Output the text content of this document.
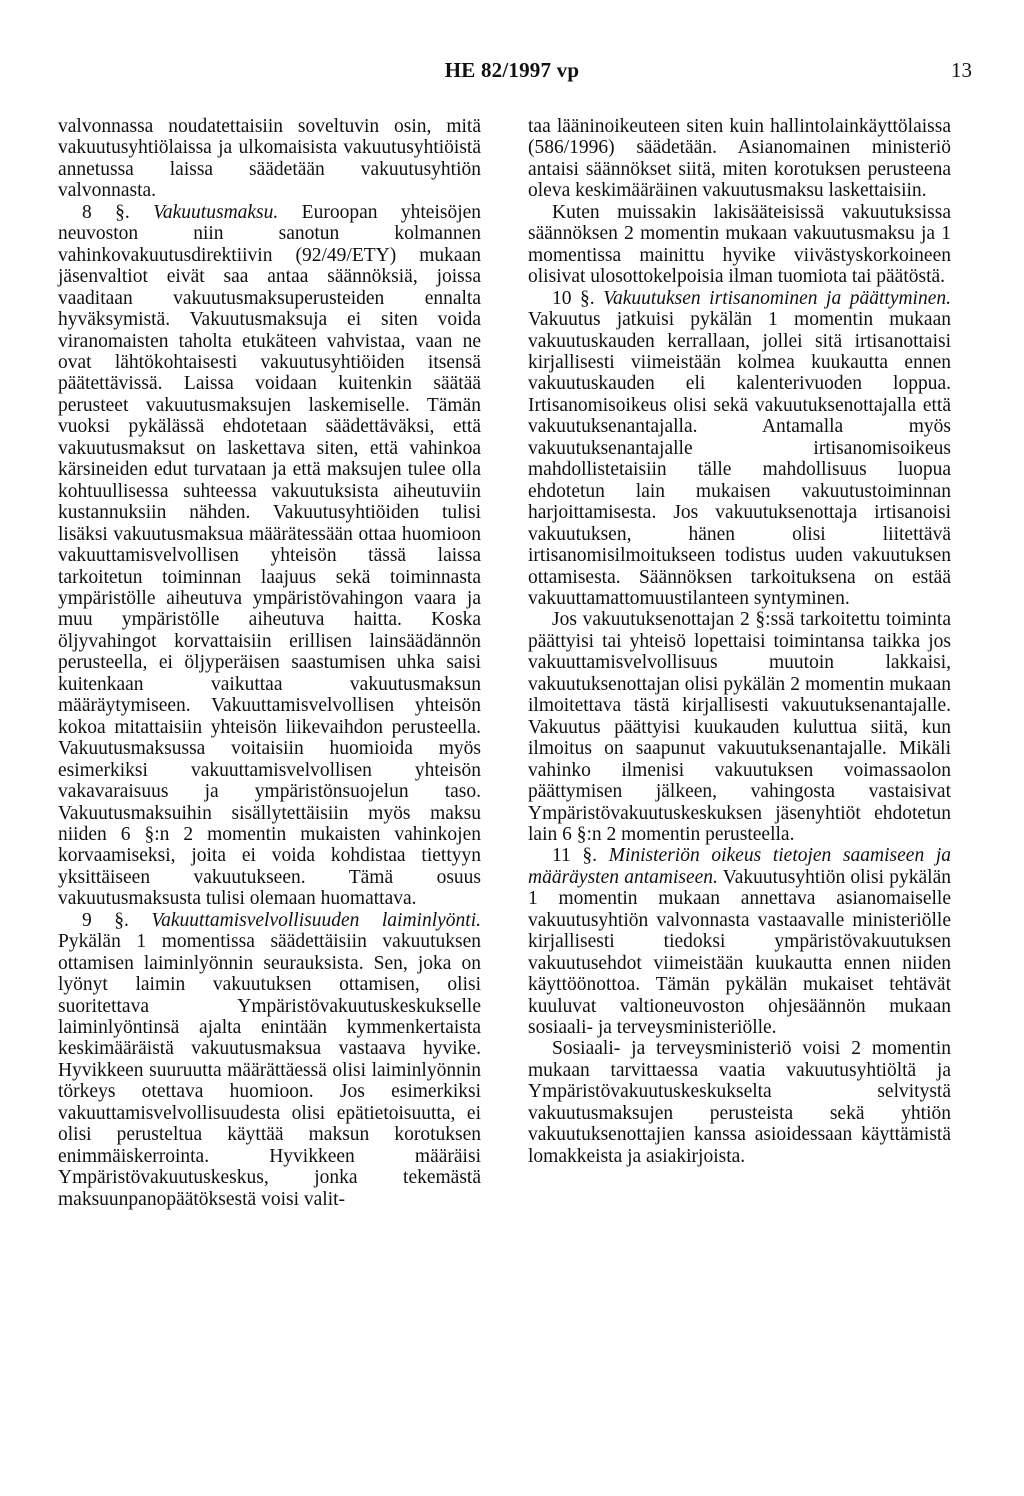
HE 82/1997 vp	13

valvonnassa noudatettaisiin soveltuvin osin, mitä vakuutusyhtiölaissa ja ulkomaisista vakuutusyhtiöistä annetussa laissa säädetään vakuutusyhtiön valvonnasta.

8 §. Vakuutusmaksu. Euroopan yhteisöjen neuvoston niin sanotun kolmannen vahinkovakuutusdirektiivin (92/49/ETY) mukaan jäsenvaltiot eivät saa antaa säännöksiä, joissa vaaditaan vakuutusmaksuperusteiden ennalta hyväksymistä. Vakuutusmaksuja ei siten voida viranomaisten taholta etukäteen vahvistaa, vaan ne ovat lähtökohtaisesti vakuutusyhtiöiden itsensä päätettävissä. Laissa voidaan kuitenkin säätää perusteet vakuutusmaksujen laskemiselle. Tämän vuoksi pykälässä ehdotetaan säädettäväksi, että vakuutusmaksut on laskettava siten, että vahinkoa kärsineiden edut turvataan ja että maksujen tulee olla kohtuullisessa suhteessa vakuutuksista aiheutuviin kustannuksiin nähden. Vakuutusyhtiöiden tulisi lisäksi vakuutusmaksua määrätessään ottaa huomioon vakuuttamisvelvollisen yhteisön tässä laissa tarkoitetun toiminnan laajuus sekä toiminnasta ympäristölle aiheutuva ympäristövahingon vaara ja muu ympäristölle aiheutuva haitta. Koska öljyvahingot korvattaisiin erillisen lainsäädännön perusteella, ei öljyperäisen saastumisen uhka saisi kuitenkaan vaikuttaa vakuutusmaksun määräytymiseen. Vakuuttamisvelvollisen yhteisön kokoa mitattaisiin yhteisön liikevaihdon perusteella. Vakuutusmaksussa voitaisiin huomioida myös esimerkiksi vakuuttamisvelvollisen yhteisön vakavaraisuus ja ympäristönsuojelun taso. Vakuutusmaksuihin sisällytettäisiin myös maksu niiden 6 §:n 2 momentin mukaisten vahinkojen korvaamiseksi, joita ei voida kohdistaa tiettyyn yksittäiseen vakuutukseen. Tämä osuus vakuutusmaksusta tulisi olemaan huomattava.

9 §. Vakuuttamisvelvollisuuden laiminlyönti. Pykälän 1 momentissa säädettäisiin vakuutuksen ottamisen laiminlyönnin seurauksista. Sen, joka on lyönyt laimin vakuutuksen ottamisen, olisi suoritettava Ympäristövakuutuskeskukselle laiminlyöntinsä ajalta enintään kymmenkertaista keskimääräistä vakuutusmaksua vastaava hyvike. Hyvikkeen suuruutta määrättäessä olisi laiminlyönnin törkeys otettava huomioon. Jos esimerkiksi vakuuttamisvelvollisuudesta olisi epätietoisuutta, ei olisi perusteltua käyttää maksun korotuksen enimmäiskerrointa. Hyvikkeen määräisi Ympäristövakuutuskeskus, jonka tekemästä maksuunpanopäätöksestä voisi valit-

taa lääninoikeuteen siten kuin hallintolainkäyttölaissa (586/1996) säädetään. Asianomainen ministeriö antaisi säännökset siitä, miten korotuksen perusteena oleva keskimääräinen vakuutusmaksu laskettaisiin.

Kuten muissakin lakisääteisissä vakuutuksissa säännöksen 2 momentin mukaan vakuutusmaksu ja 1 momentissa mainittu hyvike viivästyskorkoineen olisivat ulosottokelpoisia ilman tuomiota tai päätöstä.

10 §. Vakuutuksen irtisanominen ja päättyminen. Vakuutus jatkuisi pykälän 1 momentin mukaan vakuutuskauden kerrallaan, jollei sitä irtisanottaisi kirjallisesti viimeistään kolmea kuukautta ennen vakuutuskauden eli kalenterivuoden loppua. Irtisanomisoikeus olisi sekä vakuutuksenottajalla että vakuutuksenantajalla. Antamalla myös vakuutuksenantajalle irtisanomisoikeus mahdollistetaisiin tälle mahdollisuus luopua ehdotetun lain mukaisen vakuutustoiminnan harjoittamisesta. Jos vakuutuksenottaja irtisanoisi vakuutuksen, hänen olisi liitettävä irtisanomisilmoitukseen todistus uuden vakuutuksen ottamisesta. Säännöksen tarkoituksena on estää vakuuttamattomuustilanteen syntyminen.

Jos vakuutuksenottajan 2 §:ssä tarkoitettu toiminta päättyisi tai yhteisö lopettaisi toimintansa taikka jos vakuuttamisvelvollisuus muutoin lakkaisi, vakuutuksenottajan olisi pykälän 2 momentin mukaan ilmoitettava tästä kirjallisesti vakuutuksenantajalle. Vakuutus päättyisi kuukauden kuluttua siitä, kun ilmoitus on saapunut vakuutuksenantajalle. Mikäli vahinko ilmenisi vakuutuksen voimassaolon päättymisen jälkeen, vahingosta vastaisivat Ympäristövakuutuskeskuksen jäsenyhtiöt ehdotetun lain 6 §:n 2 momentin perusteella.

11 §. Ministeriön oikeus tietojen saamiseen ja määräysten antamiseen. Vakuutusyhtiön olisi pykälän 1 momentin mukaan annettava asianomaiselle vakuutusyhtiön valvonnasta vastaavalle ministeriölle kirjallisesti tiedoksi ympäristövakuutuksen vakuutusehdot viimeistään kuukautta ennen niiden käyttöönottoa. Tämän pykälän mukaiset tehtävät kuuluvat valtioneuvoston ohjesäännön mukaan sosiaali- ja terveysministeriölle.

Sosiaali- ja terveysministeriö voisi 2 momentin mukaan tarvittaessa vaatia vakuutusyhtiöltä ja Ympäristövakuutuskeskukselta selvitystä vakuutusmaksujen perusteista sekä yhtiön vakuutuksenottajien kanssa asioidessaan käyttämistä lomakkeista ja asiakirjoista.
